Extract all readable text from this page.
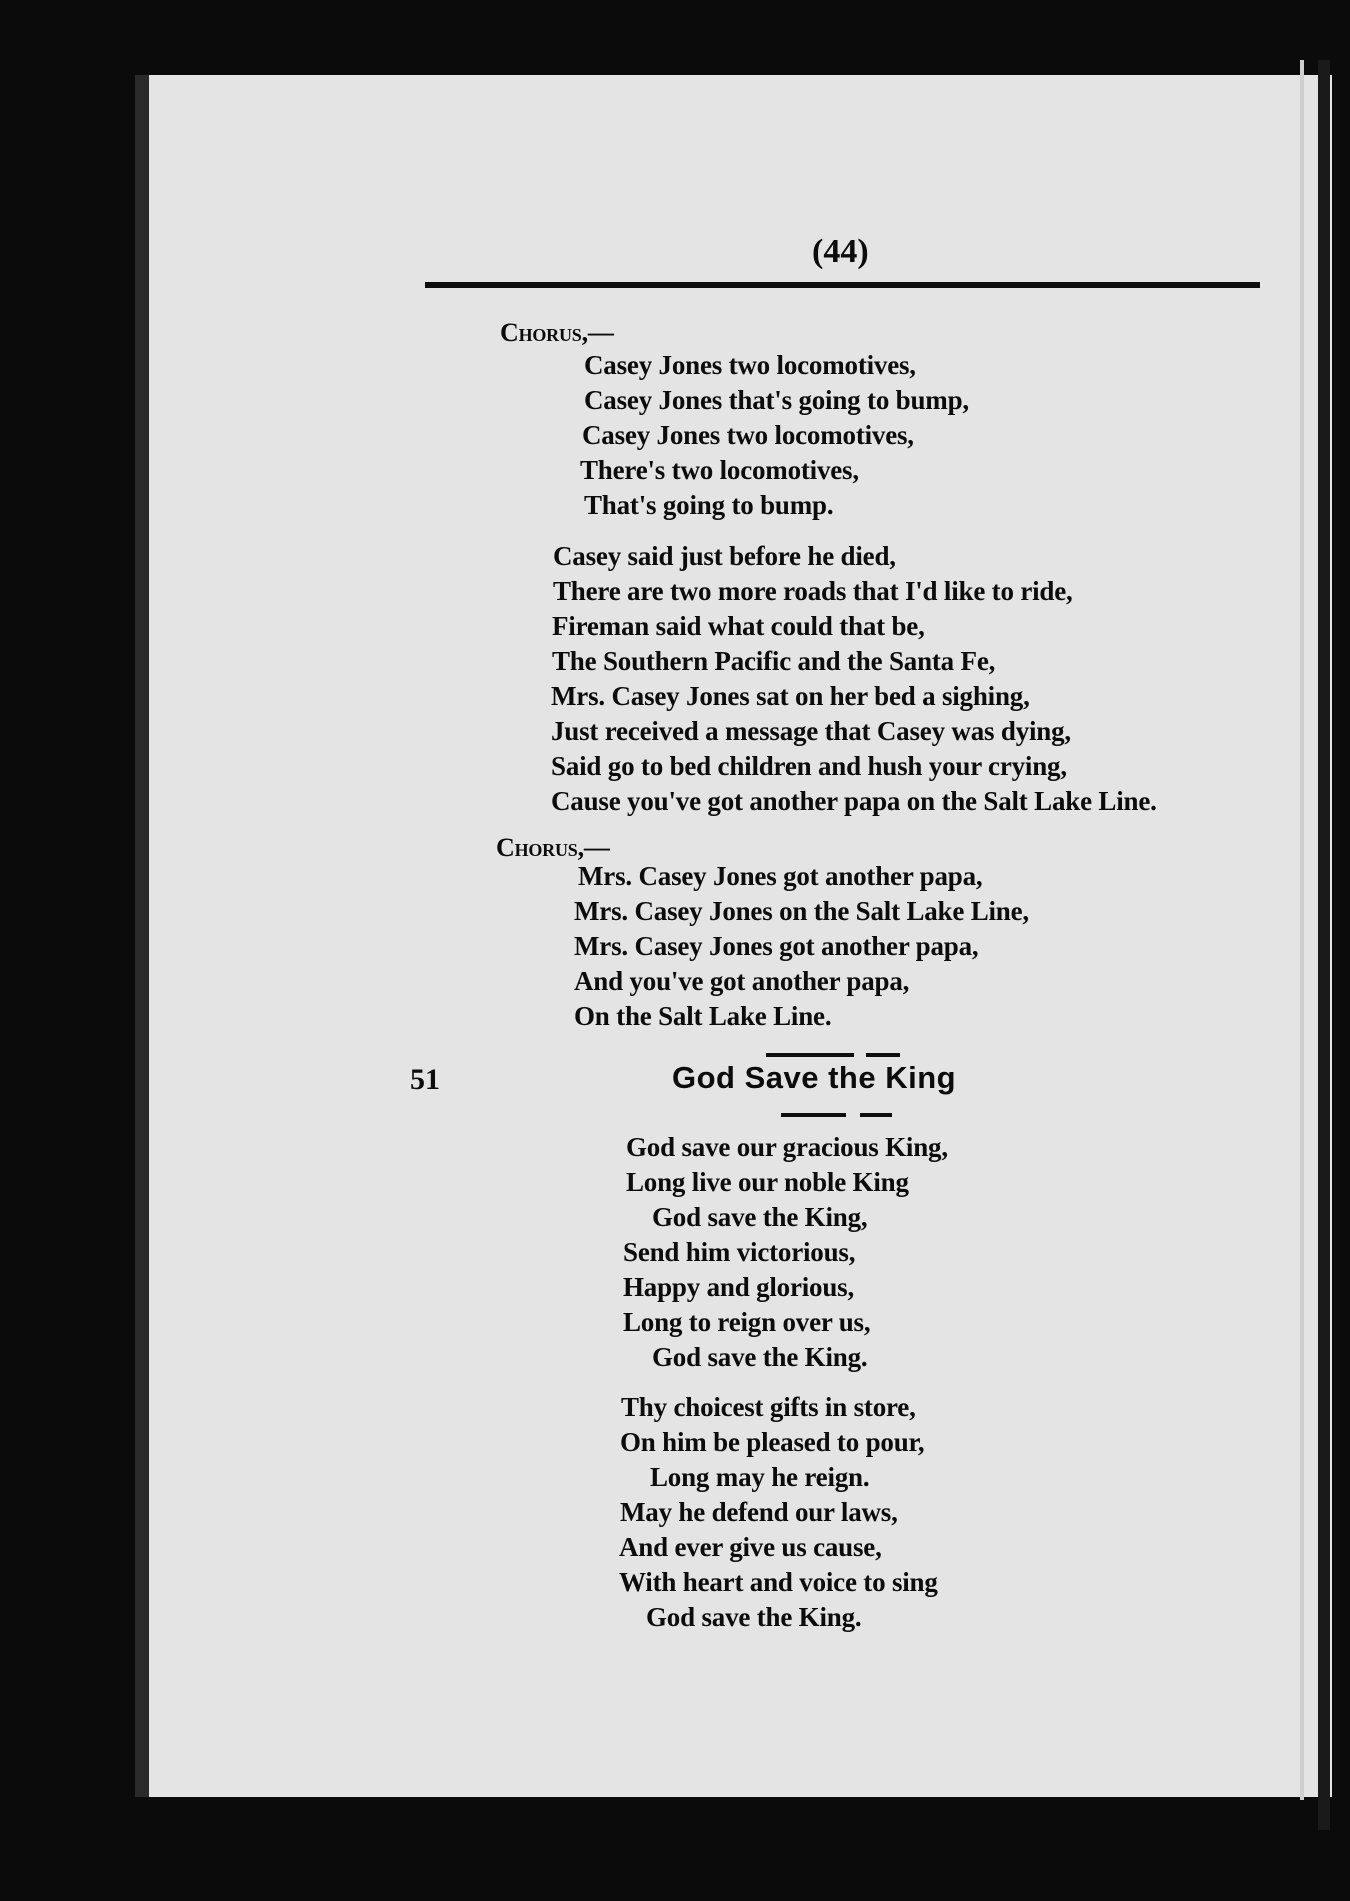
(44)
Chorus,—
Casey Jones two locomotives,
Casey Jones that's going to bump,
Casey Jones two locomotives,
There's two locomotives,
That's going to bump.
Casey said just before he died,
There are two more roads that I'd like to ride,
Fireman said what could that be,
The Southern Pacific and the Santa Fe,
Mrs. Casey Jones sat on her bed a sighing,
Just received a message that Casey was dying,
Said go to bed children and hush your crying,
Cause you've got another papa on the Salt Lake Line.
Chorus,—
Mrs. Casey Jones got another papa,
Mrs. Casey Jones on the Salt Lake Line,
Mrs. Casey Jones got another papa,
And you've got another papa,
On the Salt Lake Line.
51	God Save the King
God save our gracious King,
Long live our noble King
God save the King,
Send him victorious,
Happy and glorious,
Long to reign over us,
God save the King.
Thy choicest gifts in store,
On him be pleased to pour,
Long may he reign.
May he defend our laws,
And ever give us cause,
With heart and voice to sing
God save the King.
